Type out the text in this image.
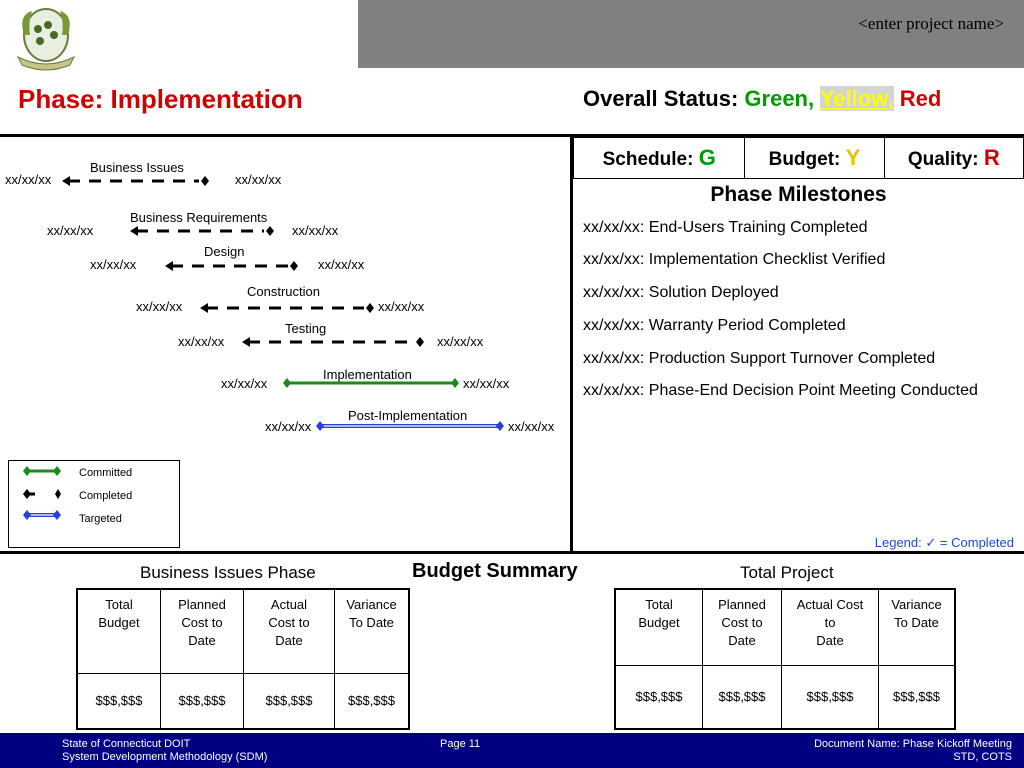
<enter project name>
Phase: Implementation	Overall Status: Green, Yellow, Red
Schedule: G	Budget: Y	Quality: R
Phase Milestones
xx/xx/xx: End-Users Training Completed
xx/xx/xx: Implementation Checklist Verified
xx/xx/xx: Solution Deployed
xx/xx/xx: Warranty Period Completed
xx/xx/xx: Production Support Turnover Completed
xx/xx/xx: Phase-End Decision Point Meeting Conducted
Legend: ✓ = Completed
Business Issues
xx/xx/xx	xx/xx/xx
Business Requirements
xx/xx/xx	xx/xx/xx
Design
xx/xx/xx	xx/xx/xx
Construction
xx/xx/xx	xx/xx/xx
Testing
xx/xx/xx	xx/xx/xx
Implementation
xx/xx/xx	xx/xx/xx
Post-Implementation
xx/xx/xx	xx/xx/xx
Committed
Completed
Targeted
Business Issues Phase	Budget Summary	Total Project
Total
Budget	Planned
Cost to
Date	Actual
Cost to
Date	Variance
To Date
$$$,$$$	$$$,$$$	$$$,$$$	$$$,$$$
Total
Budget	Planned
Cost to
Date	Actual Cost
to
Date	Variance
To Date
$$$,$$$	$$$,$$$	$$$,$$$	$$$,$$$
State of Connecticut DOIT
System Development Methodology (SDM)
Page 11	Document Name: Phase Kickoff Meeting
STD, COTS
